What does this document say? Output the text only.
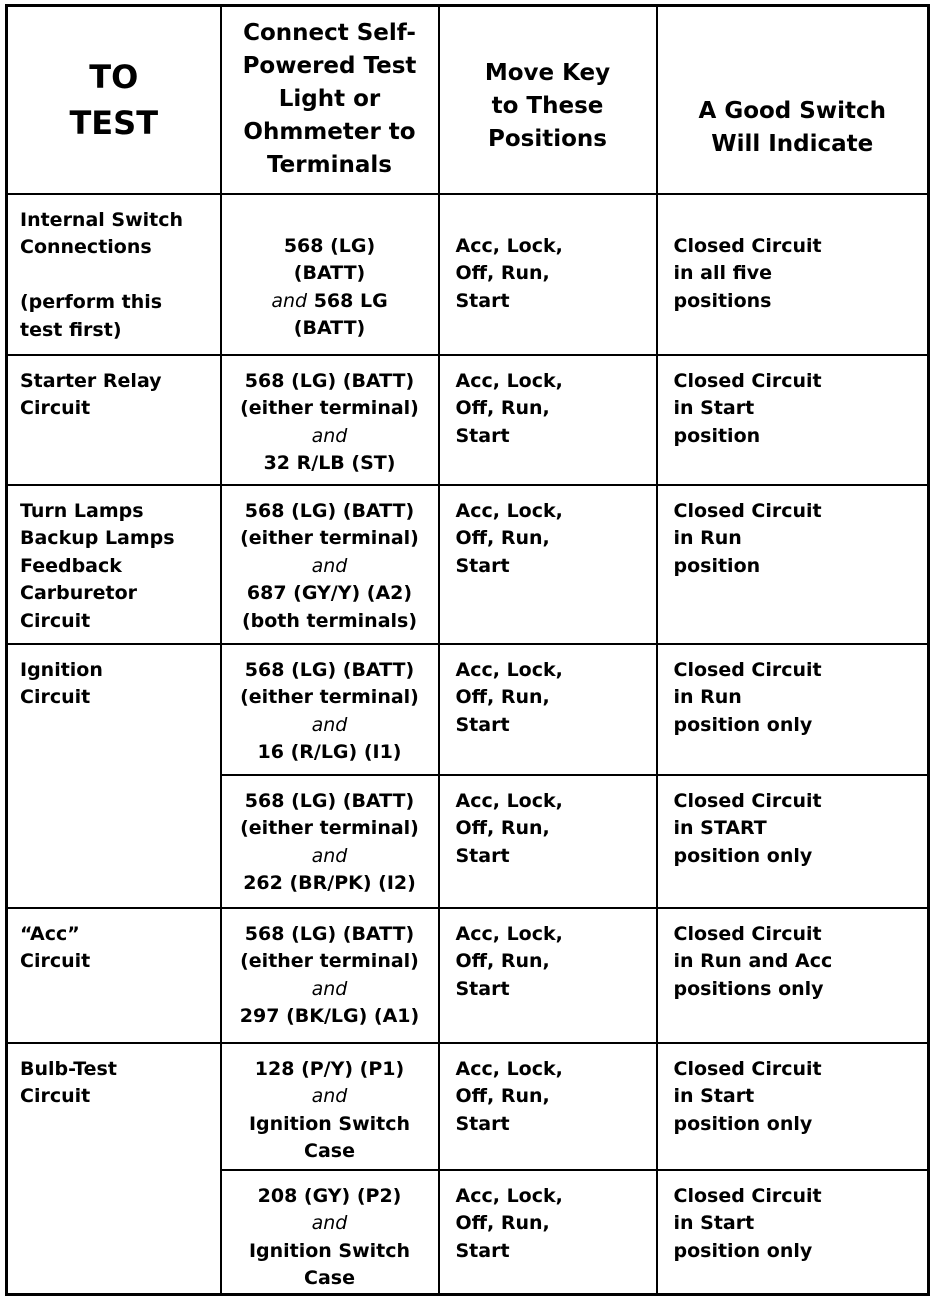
TO
TEST	Connect Self-
Powered Test
Light or
Ohmmeter to
Terminals	Move Key
to These
Positions	A Good Switch
Will Indicate

Internal Switch
Connections
(perform this
test first)	568 (LG)
(BATT)
and 568 LG
(BATT)	Acc, Lock,
Off, Run,
Start	Closed Circuit
in all five
positions

Starter Relay
Circuit	568 (LG) (BATT)
(either terminal)
and
32 R/LB (ST)	Acc, Lock,
Off, Run,
Start	Closed Circuit
in Start
position

Turn Lamps
Backup Lamps
Feedback
Carburetor
Circuit	568 (LG) (BATT)
(either terminal)
and
687 (GY/Y) (A2)
(both terminals)	Acc, Lock,
Off, Run,
Start	Closed Circuit
in Run
position

Ignition
Circuit	568 (LG) (BATT)
(either terminal)
and
16 (R/LG) (I1)	Acc, Lock,
Off, Run,
Start	Closed Circuit
in Run
position only

	568 (LG) (BATT)
(either terminal)
and
262 (BR/PK) (I2)	Acc, Lock,
Off, Run,
Start	Closed Circuit
in START
position only

“Acc”
Circuit	568 (LG) (BATT)
(either terminal)
and
297 (BK/LG) (A1)	Acc, Lock,
Off, Run,
Start	Closed Circuit
in Run and Acc
positions only

Bulb-Test
Circuit	128 (P/Y) (P1)
and
Ignition Switch
Case	Acc, Lock,
Off, Run,
Start	Closed Circuit
in Start
position only

	208 (GY) (P2)
and
Ignition Switch
Case	Acc, Lock,
Off, Run,
Start	Closed Circuit
in Start
position only
